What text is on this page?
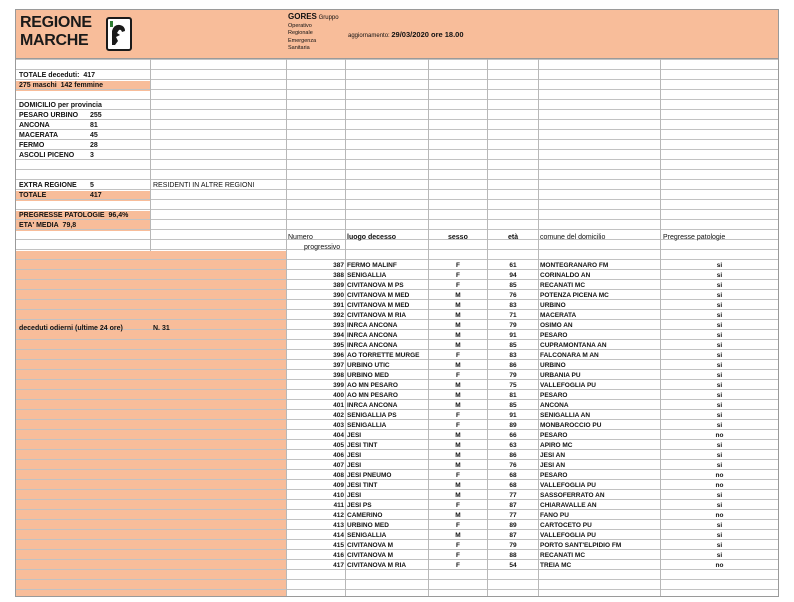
REGIONE
MARCHE
GORES Gruppo
Operativo
Regionale
Emergenza
Sanitaria
aggiornamento: 29/03/2020 ore 18.00
TOTALE deceduti: 417
275 maschi 142 femmine
DOMICILIO per provincia
PESARO URBINO 255
ANCONA	81
MACERATA	45
FERMO	28
ASCOLI PICENO 3
EXTRA REGIONE 5	RESIDENTI IN ALTRE REGIONI
TOTALE	417
PREGRESSE PATOLOGIE 96,4%
ETA' MEDIA 79,8
deceduti odierni (ultime 24 ore)	N. 31
Numero
progressivo
luogo decesso	sesso	età	comune del domicilio	Pregresse patologie
387 FERMO MALINF	F	61	MONTEGRANARO FM	si
388 SENIGALLIA	F	94	CORINALDO AN	si
389 CIVITANOVA M PS	F	85	RECANATI MC	si
390 CIVITANOVA M MED	M	76	POTENZA PICENA MC	si
391 CIVITANOVA M MED	M	83	URBINO	si
392 CIVITANOVA M RIA	M	71	MACERATA	si
393 INRCA ANCONA	M	79	OSIMO AN	si
394 INRCA ANCONA	M	91	PESARO	si
395 INRCA ANCONA	M	85	CUPRAMONTANA AN	si
396 AO TORRETTE MURGE	F	83	FALCONARA M AN	si
397 URBINO UTIC	M	86	URBINO	si
398 URBINO MED	F	79	URBANIA PU	si
399 AO MN PESARO	M	75	VALLEFOGLIA PU	si
400 AO MN PESARO	M	81	PESARO	si
401 INRCA ANCONA	M	85	ANCONA	si
402 SENIGALLIA PS	F	91	SENIGALLIA AN	si
403 SENIGALLIA	F	89	MONBAROCCIO PU	si
404 JESI	M	66	PESARO	no
405 JESI TINT	M	63	APIRO MC	si
406 JESI	M	86	JESI AN	si
407 JESI	M	76	JESI AN	si
408 JESI PNEUMO	F	68	PESARO	no
409 JESI TINT	M	68	VALLEFOGLIA PU	no
410 JESI	M	77	SASSOFERRATO AN	si
411 JESI PS	F	87	CHIARAVALLE AN	si
412 CAMERINO	M	77	FANO PU	no
413 URBINO MED	F	89	CARTOCETO PU	si
414 SENIGALLIA	M	87	VALLEFOGLIA PU	si
415 CIVITANOVA M	F	79	PORTO SANT'ELPIDIO FM	si
416 CIVITANOVA M	F	88	RECANATI MC	si
417 CIVITANOVA M RIA	F	54	TREIA MC	no
